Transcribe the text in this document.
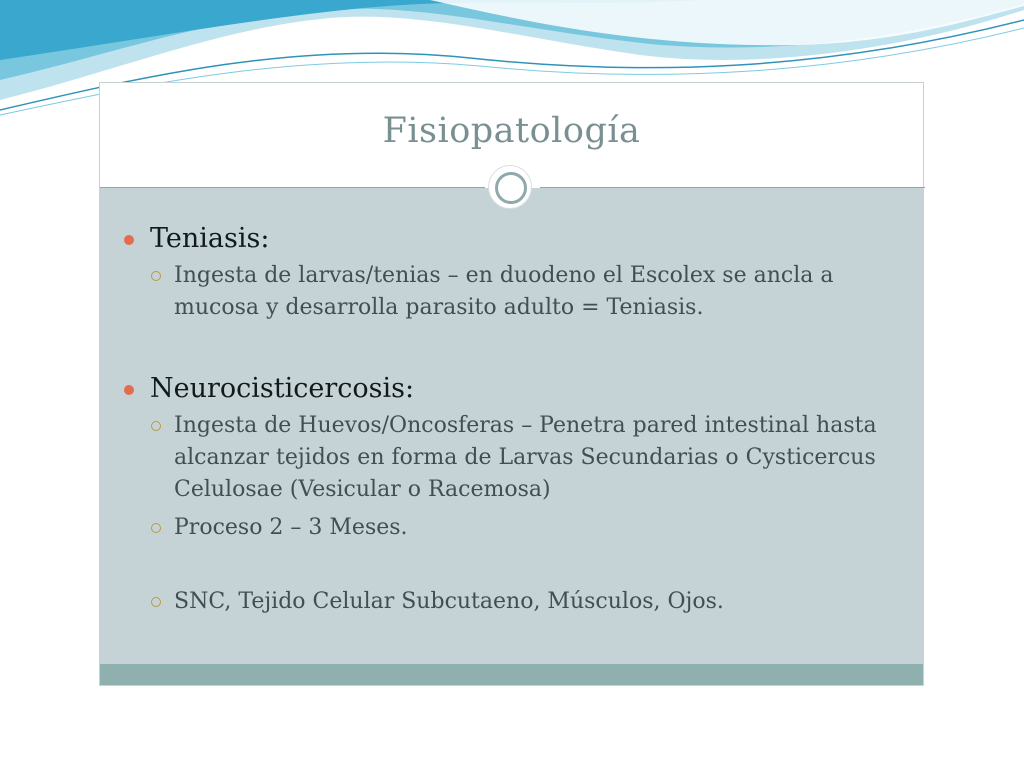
Fisiopatología
Teniasis:
Ingesta de larvas/tenias – en duodeno el Escolex se ancla a mucosa y desarrolla parasito adulto = Teniasis.
Neurocisticercosis:
Ingesta de Huevos/Oncosferas – Penetra pared intestinal hasta alcanzar tejidos en forma de Larvas Secundarias o Cysticercus Celulosae (Vesicular o Racemosa)
Proceso 2 – 3 Meses.
SNC, Tejido Celular Subcutaeno, Músculos, Ojos.
